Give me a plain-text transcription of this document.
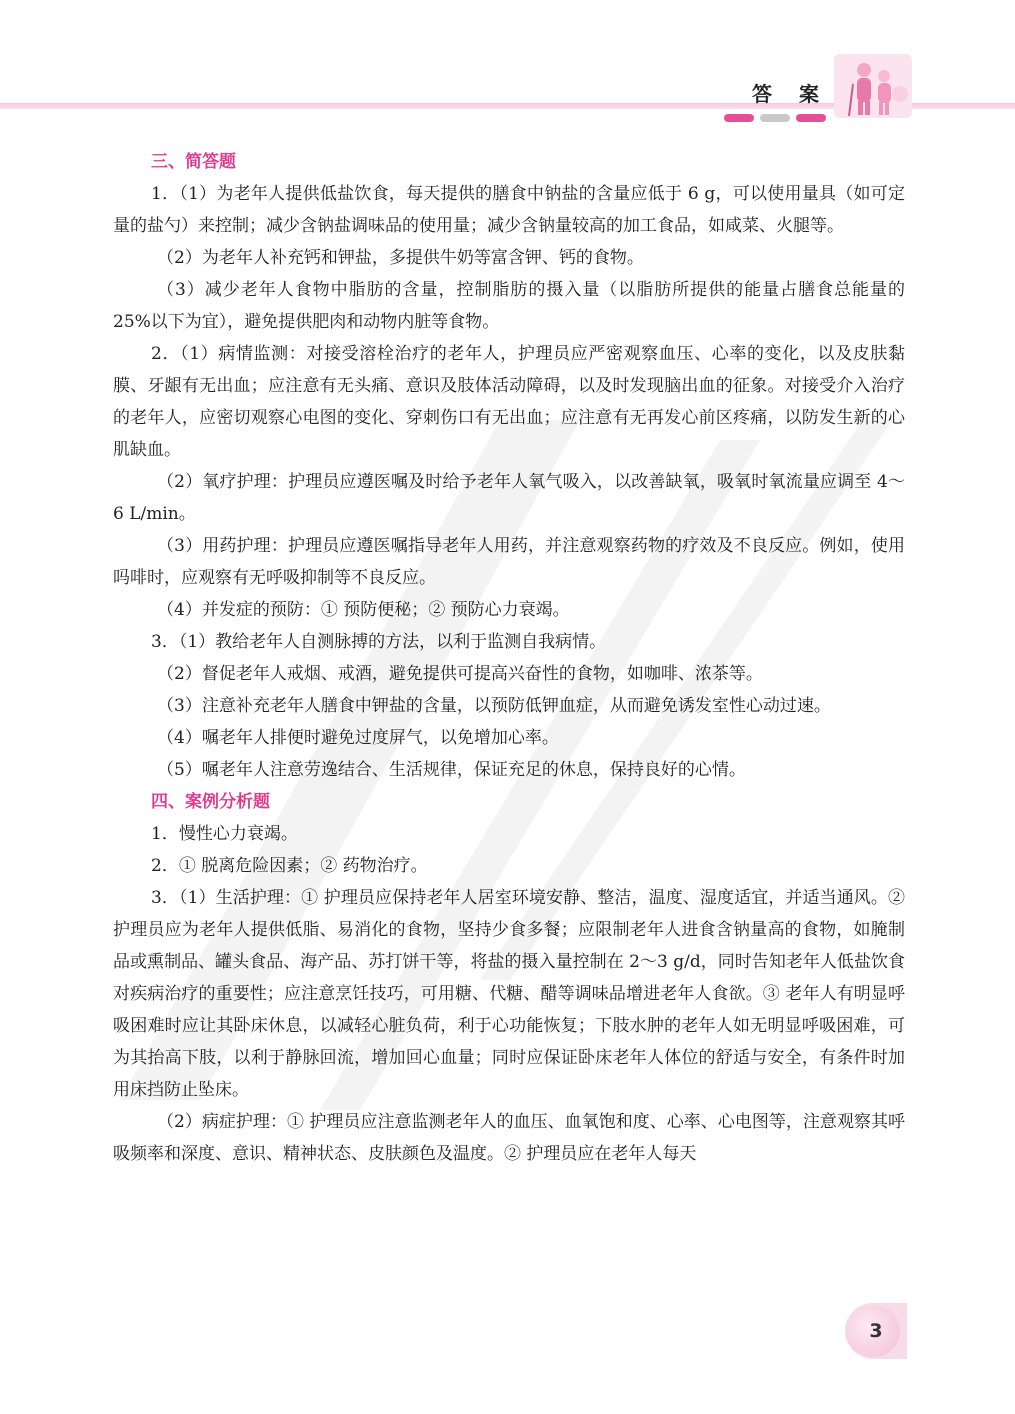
答 案
三、简答题

1．（1）为老年人提供低盐饮食，每天提供的膳食中钠盐的含量应低于 6 g，可以使用量具（如可定量的盐勺）来控制；减少含钠盐调味品的使用量；减少含钠量较高的加工食品，如咸菜、火腿等。

（2）为老年人补充钙和钾盐，多提供牛奶等富含钾、钙的食物。

（3）减少老年人食物中脂肪的含量，控制脂肪的摄入量（以脂肪所提供的能量占膳食总能量的 25%以下为宜），避免提供肥肉和动物内脏等食物。

2．（1）病情监测：对接受溶栓治疗的老年人，护理员应严密观察血压、心率的变化，以及皮肤黏膜、牙龈有无出血；应注意有无头痛、意识及肢体活动障碍，以及时发现脑出血的征象。对接受介入治疗的老年人，应密切观察心电图的变化、穿刺伤口有无出血；应注意有无再发心前区疼痛，以防发生新的心肌缺血。

（2）氧疗护理：护理员应遵医嘱及时给予老年人氧气吸入，以改善缺氧，吸氧时氧流量应调至 4～6 L/min。

（3）用药护理：护理员应遵医嘱指导老年人用药，并注意观察药物的疗效及不良反应。例如，使用吗啡时，应观察有无呼吸抑制等不良反应。

（4）并发症的预防：① 预防便秘；② 预防心力衰竭。

3．（1）教给老年人自测脉搏的方法，以利于监测自我病情。

（2）督促老年人戒烟、戒酒，避免提供可提高兴奋性的食物，如咖啡、浓茶等。

（3）注意补充老年人膳食中钾盐的含量，以预防低钾血症，从而避免诱发室性心动过速。

（4）嘱老年人排便时避免过度屏气，以免增加心率。

（5）嘱老年人注意劳逸结合、生活规律，保证充足的休息，保持良好的心情。

四、案例分析题

1．慢性心力衰竭。

2．① 脱离危险因素；② 药物治疗。

3．（1）生活护理：① 护理员应保持老年人居室环境安静、整洁，温度、湿度适宜，并适当通风。② 护理员应为老年人提供低脂、易消化的食物，坚持少食多餐；应限制老年人进食含钠量高的食物，如腌制品或熏制品、罐头食品、海产品、苏打饼干等，将盐的摄入量控制在 2～3 g/d，同时告知老年人低盐饮食对疾病治疗的重要性；应注意烹饪技巧，可用糖、代糖、醋等调味品增进老年人食欲。③ 老年人有明显呼吸困难时应让其卧床休息，以减轻心脏负荷，利于心功能恢复；下肢水肿的老年人如无明显呼吸困难，可为其抬高下肢，以利于静脉回流，增加回心血量；同时应保证卧床老年人体位的舒适与安全，有条件时加用床挡防止坠床。

（2）病症护理：① 护理员应注意监测老年人的血压、血氧饱和度、心率、心电图等，注意观察其呼吸频率和深度、意识、精神状态、皮肤颜色及温度。② 护理员应在老年人每天

3
